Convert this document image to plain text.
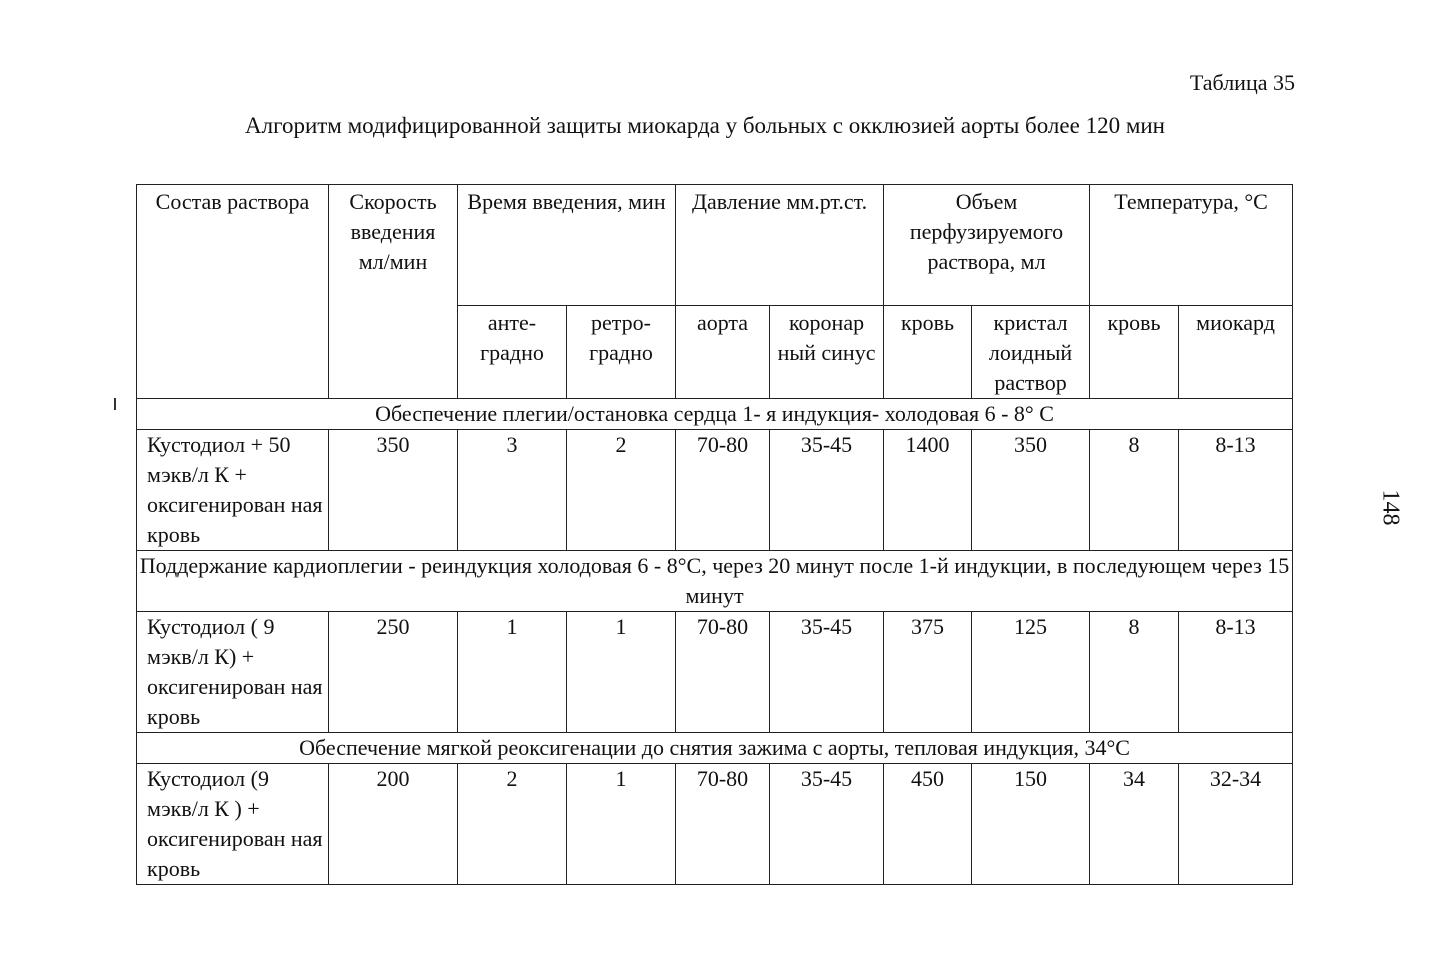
Таблица 35
Алгоритм модифицированной защиты миокарда у больных с окклюзией аорты более 120 мин
148
Состав раствора	Скорость введения мл/мин	Время введения, мин		Давление мм.рт.ст.		Объем перфузируемого раствора, мл		Температура, °С	
		анте-градно	ретро-градно	аорта	коронар ный синус	кровь	кристал лоидный раствор	кровь	миокард
Обеспечение плегии/остановка сердца 1- я индукция- холодовая 6 - 8° С									
Кустодиол + 50 мэкв/л К + оксигенирован ная кровь	350	3	2	70-80	35-45	1400	350	8	8-13
Поддержание кардиоплегии - реиндукция холодовая 6 - 8°С, через 20 минут после 1-й индукции, в последующем через 15 минут									
Кустодиол ( 9 мэкв/л К) + оксигенирован ная кровь	250	1	1	70-80	35-45	375	125	8	8-13
Обеспечение мягкой реоксигенации до снятия зажима с аорты, тепловая индукция, 34°С									
Кустодиол (9 мэкв/л К ) + оксигенирован ная кровь	200	2	1	70-80	35-45	450	150	34	32-34
